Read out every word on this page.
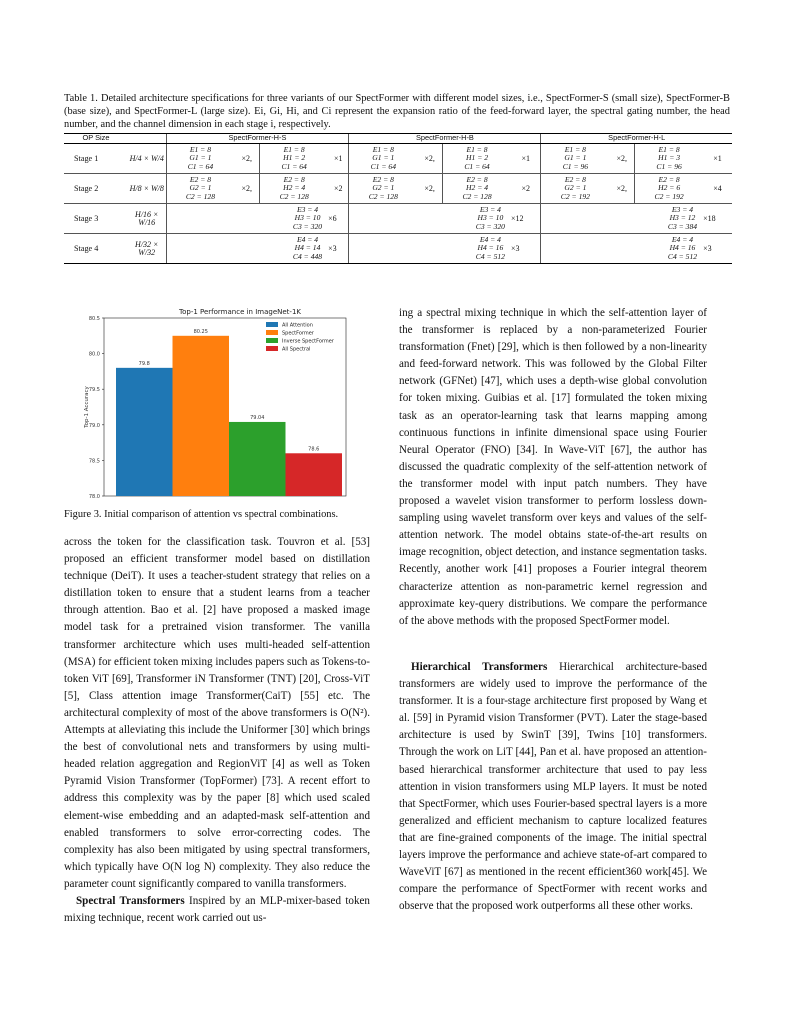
Table 1. Detailed architecture specifications for three variants of our SpectFormer with different model sizes, i.e., SpectFormer-S (small size), SpectFormer-B (base size), and SpectFormer-L (large size). Ei, Gi, Hi, and Ci represent the expansion ratio of the feed-forward layer, the spectral gating number, the head number, and the channel dimension in each stage i, respectively.
OP Size		SpectFormer-H-S				SpectFormer-H-B				SpectFormer-H-L			
Stage 1	H/4 × W/4	E1 = 8
G1 = 1
C1 = 64	×2,	E1 = 8
H1 = 2
C1 = 64	×1	E1 = 8
G1 = 1
C1 = 64	×2,	E1 = 8
H1 = 2
C1 = 64	×1	E1 = 8
G1 = 1
C1 = 96	×2,	E1 = 8
H1 = 3
C1 = 96	×1
Stage 2	H/8 × W/8	E2 = 8
G2 = 1
C2 = 128	×2,	E2 = 8
H2 = 4
C2 = 128	×2	E2 = 8
G2 = 1
C2 = 128	×2,	E2 = 8
H2 = 4
C2 = 128	×2	E2 = 8
G2 = 1
C2 = 192	×2,	E2 = 8
H2 = 6
C2 = 192	×4
Stage 3	H/16 × W/16	E3 = 4
H3 = 10
C3 = 320			×6	E3 = 4
H3 = 10
C3 = 320			×12	E3 = 4
H3 = 12
C3 = 384			×18
Stage 4	H/32 × W/32	E4 = 4
H4 = 14
C4 = 448			×3	E4 = 4
H4 = 16
C4 = 512			×3	E4 = 4
H4 = 16
C4 = 512			×3
Top-1 Performance in ImageNet-1K
78.0
78.5
79.0
79.5
80.0
80.5
Top-1 Accuracy
79.8
80.25
79.04
78.6
All Attention
SpectFormer
Inverse SpectFormer
All Spectral
Figure 3. Initial comparison of attention vs spectral combinations.

across the token for the classification task. Touvron et al. [53] proposed an efficient transformer model based on distillation technique (DeiT). It uses a teacher-student strategy that relies on a distillation token to ensure that a student learns from a teacher through attention. Bao et al. [2] have proposed a masked image model task for a pretrained vision transformer. The vanilla transformer architecture which uses multi-headed self-attention (MSA) for efficient token mixing includes papers such as Tokens-to-token ViT [69], Transformer iN Transformer (TNT) [20], Cross-ViT [5], Class attention image Transformer(CaiT) [55] etc. The architectural complexity of most of the above transformers is O(N²). Attempts at alleviating this include the Uniformer [30] which brings the best of convolutional nets and transformers by using multi-headed relation aggregation and RegionViT [4] as well as Token Pyramid Vision Transformer (TopFormer) [73]. A recent effort to address this complexity was by the paper [8] which used scaled element-wise embedding and an adapted-mask self-attention and enabled transformers to solve error-correcting codes. The complexity has also been mitigated by using spectral transformers, which typically have O(N log N) complexity. They also reduce the parameter count significantly compared to vanilla transformers.

Spectral Transformers Inspired by an MLP-mixer-based token mixing technique, recent work carried out us-

ing a spectral mixing technique in which the self-attention layer of the transformer is replaced by a non-parameterized Fourier transformation (Fnet) [29], which is then followed by a non-linearity and feed-forward network. This was followed by the Global Filter network (GFNet) [47], which uses a depth-wise global convolution for token mixing. Guibias et al. [17] formulated the token mixing task as an operator-learning task that learns mapping among continuous functions in infinite dimensional space using Fourier Neural Operator (FNO) [34]. In Wave-ViT [67], the author has discussed the quadratic complexity of the self-attention network of the transformer model with input patch numbers. They have proposed a wavelet vision transformer to perform lossless down-sampling using wavelet transform over keys and values of the self-attention network. The model obtains state-of-the-art results on image recognition, object detection, and instance segmentation tasks. Recently, another work [41] proposes a Fourier integral theorem characterize attention as non-parametric kernel regression and approximate key-query distributions. We compare the performance of the above methods with the proposed SpectFormer model.

Hierarchical Transformers Hierarchical architecture-based transformers are widely used to improve the performance of the transformer. It is a four-stage architecture first proposed by Wang et al. [59] in Pyramid vision Transformer (PVT). Later the stage-based architecture is used by SwinT [39], Twins [10] transformers. Through the work on LiT [44], Pan et al. have proposed an attention-based hierarchical transformer architecture that used to pay less attention in vision transformers using MLP layers. It must be noted that SpectFormer, which uses Fourier-based spectral layers is a more generalized and efficient mechanism to capture localized features that are fine-grained components of the image. The initial spectral layers improve the performance and achieve state-of-art compared to WaveViT [67] as mentioned in the recent efficient360 work[45]. We compare the performance of SpectFormer with recent works and observe that the proposed work outperforms all these other works.
